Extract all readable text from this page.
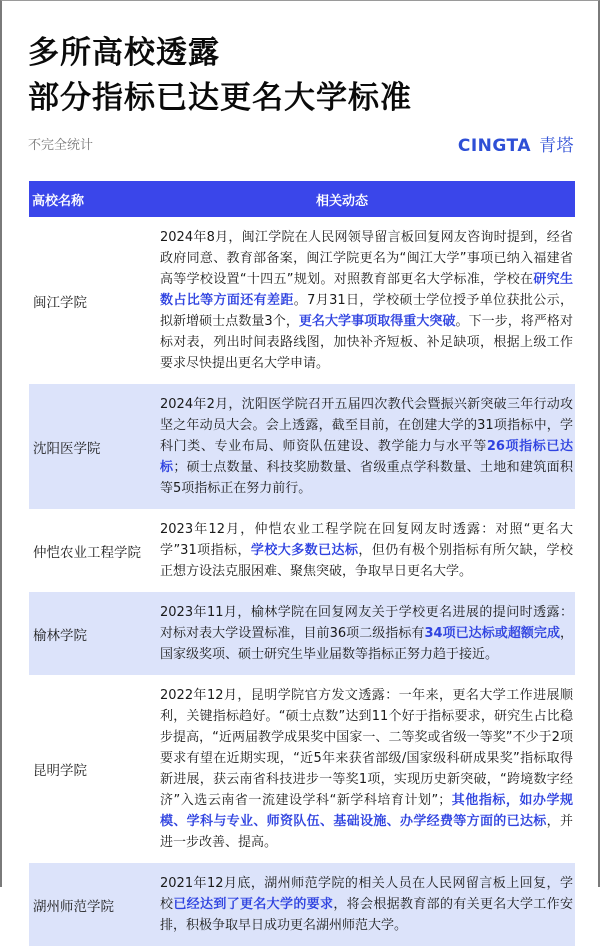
多所高校透露
部分指标已达更名大学标准
不完全统计	CINGTA 青塔
高校名称	相关动态
闽江学院
2024年8月，闽江学院在人民网领导留言板回复网友咨询时提到，经省政府同意、教育部备案，闽江学院更名为“闽江大学”事项已纳入福建省高等学校设置“十四五”规划。对照教育部更名大学标准，学校在研究生数占比等方面还有差距。7月31日，学校硕士学位授予单位获批公示，拟新增硕士点数量3个，更名大学事项取得重大突破。下一步，将严格对标对表，列出时间表路线图，加快补齐短板、补足缺项，根据上级工作要求尽快提出更名大学申请。
沈阳医学院
2024年2月，沈阳医学院召开五届四次教代会暨振兴新突破三年行动攻坚之年动员大会。会上透露，截至目前，在创建大学的31项指标中，学科门类、专业布局、师资队伍建设、教学能力与水平等26项指标已达标；硕士点数量、科技奖励数量、省级重点学科数量、土地和建筑面积等5项指标正在努力前行。
仲恺农业工程学院
2023年12月，仲恺农业工程学院在回复网友时透露：对照“更名大学”31项指标，学校大多数已达标，但仍有极个别指标有所欠缺，学校正想方设法克服困难、聚焦突破，争取早日更名大学。
榆林学院
2023年11月，榆林学院在回复网友关于学校更名进展的提问时透露：对标对表大学设置标准，目前36项二级指标有34项已达标或超额完成，国家级奖项、硕士研究生毕业届数等指标正努力趋于接近。
昆明学院
2022年12月，昆明学院官方发文透露：一年来，更名大学工作进展顺利，关键指标趋好。“硕士点数”达到11个好于指标要求，研究生占比稳步提高，“近两届教学成果奖中国家一、二等奖或省级一等奖”不少于2项要求有望在近期实现，“近5年来获省部级/国家级科研成果奖”指标取得新进展，获云南省科技进步一等奖1项，实现历史新突破，“跨境数字经济”入选云南省一流建设学科“新学科培育计划”；其他指标，如办学规模、学科与专业、师资队伍、基础设施、办学经费等方面的已达标，并进一步改善、提高。
湖州师范学院
2021年12月底，湖州师范学院的相关人员在人民网留言板上回复，学校已经达到了更名大学的要求，将会根据教育部的有关更名大学工作安排，积极争取早日成功更名湖州师范大学。
